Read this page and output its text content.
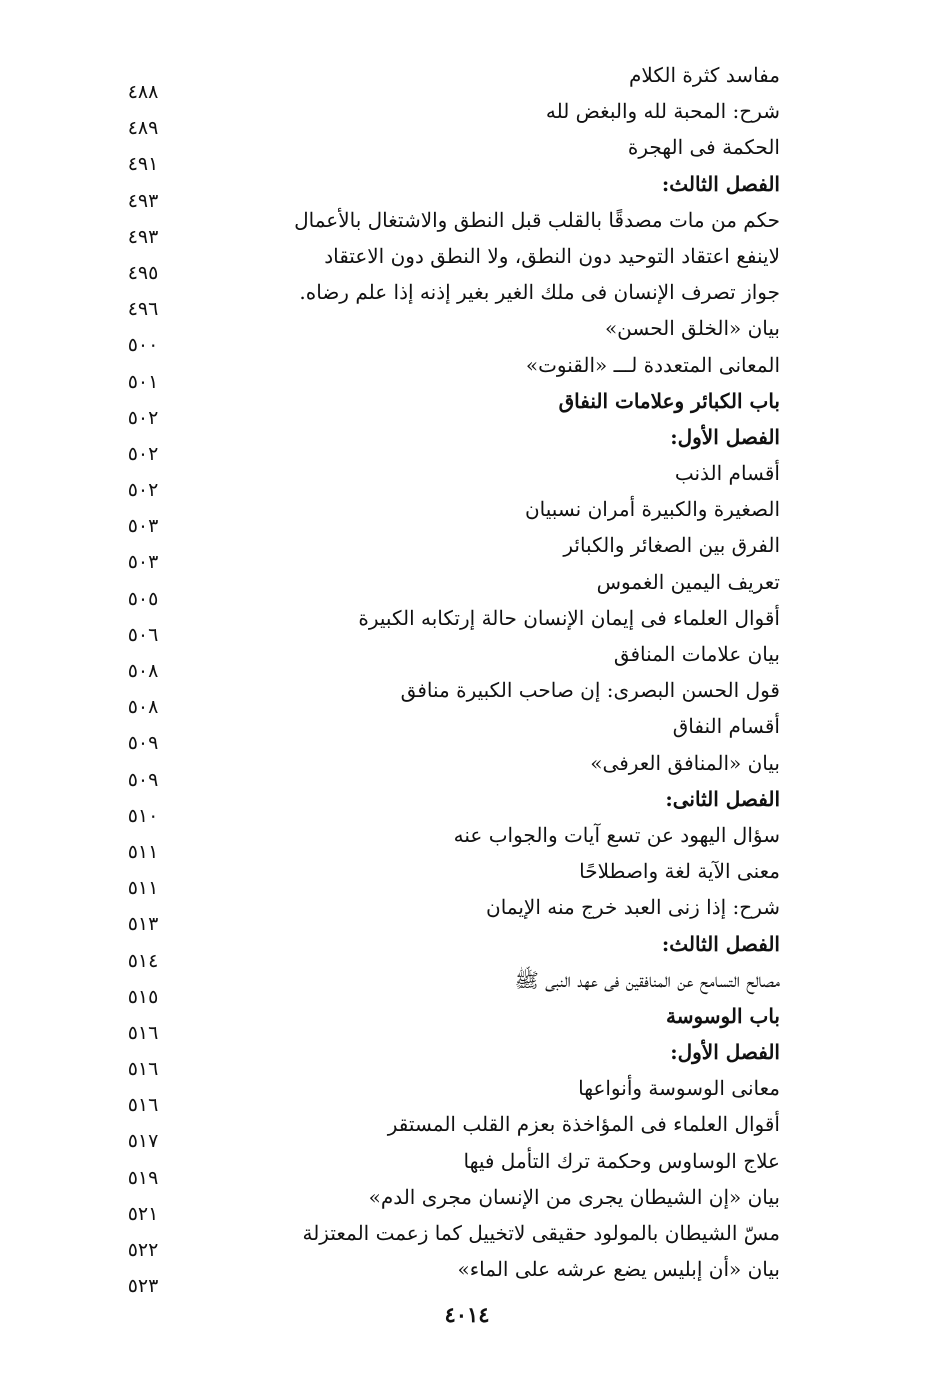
مفاسد كثرة الكلام
٤٨٨
شرح: المحبة لله والبغض لله
٤٨٩
الحكمة فى الهجرة
٤٩١
الفصل الثالث:
٤٩٣
حكم من مات مصدقًا بالقلب قبل النطق والاشتغال بالأعمال
٤٩٣
لاينفع اعتقاد التوحيد دون النطق، ولا النطق دون الاعتقاد
٤٩٥
جواز تصرف الإنسان فى ملك الغير بغير إذنه إذا علم رضاه.
٤٩٦
بيان «الخلق الحسن»
٥٠٠
المعانى المتعددة لـــ «القنوت»
٥٠١
باب الكبائر وعلامات النفاق
٥٠٢
الفصل الأول:
٥٠٢
أقسام الذنب
٥٠٢
الصغيرة والكبيرة أمران نسبيان
٥٠٣
الفرق بين الصغائر والكبائر
٥٠٣
تعريف اليمين الغموس
٥٠٥
أقوال العلماء فى إيمان الإنسان حالة إرتكابه الكبيرة
٥٠٦
بيان علامات المنافق
٥٠٨
قول الحسن البصرى: إن صاحب الكبيرة منافق
٥٠٨
أقسام النفاق
٥٠٩
بيان «المنافق العرفى»
٥٠٩
الفصل الثانى:
٥١٠
سؤال اليهود عن تسع آيات والجواب عنه
٥١١
معنى الآية لغة واصطلاحًا
٥١١
شرح: إذا زنى العبد خرج منه الإيمان
٥١٣
الفصل الثالث:
٥١٤
مصالح التسامح عن المنافقين فى عهد النبى ﷺ
٥١٥
باب الوسوسة
٥١٦
الفصل الأول:
٥١٦
معانى الوسوسة وأنواعها
٥١٦
أقوال العلماء فى المؤاخذة بعزم القلب المستقر
٥١٧
علاج الوساوس وحكمة ترك التأمل فيها
٥١٩
بيان «إن الشيطان يجرى من الإنسان مجرى الدم»
٥٢١
مسّ الشيطان بالمولود حقيقى لاتخييل كما زعمت المعتزلة
٥٢٢
بيان «أن إبليس يضع عرشه على الماء»
٥٢٣
٤٠١٤
